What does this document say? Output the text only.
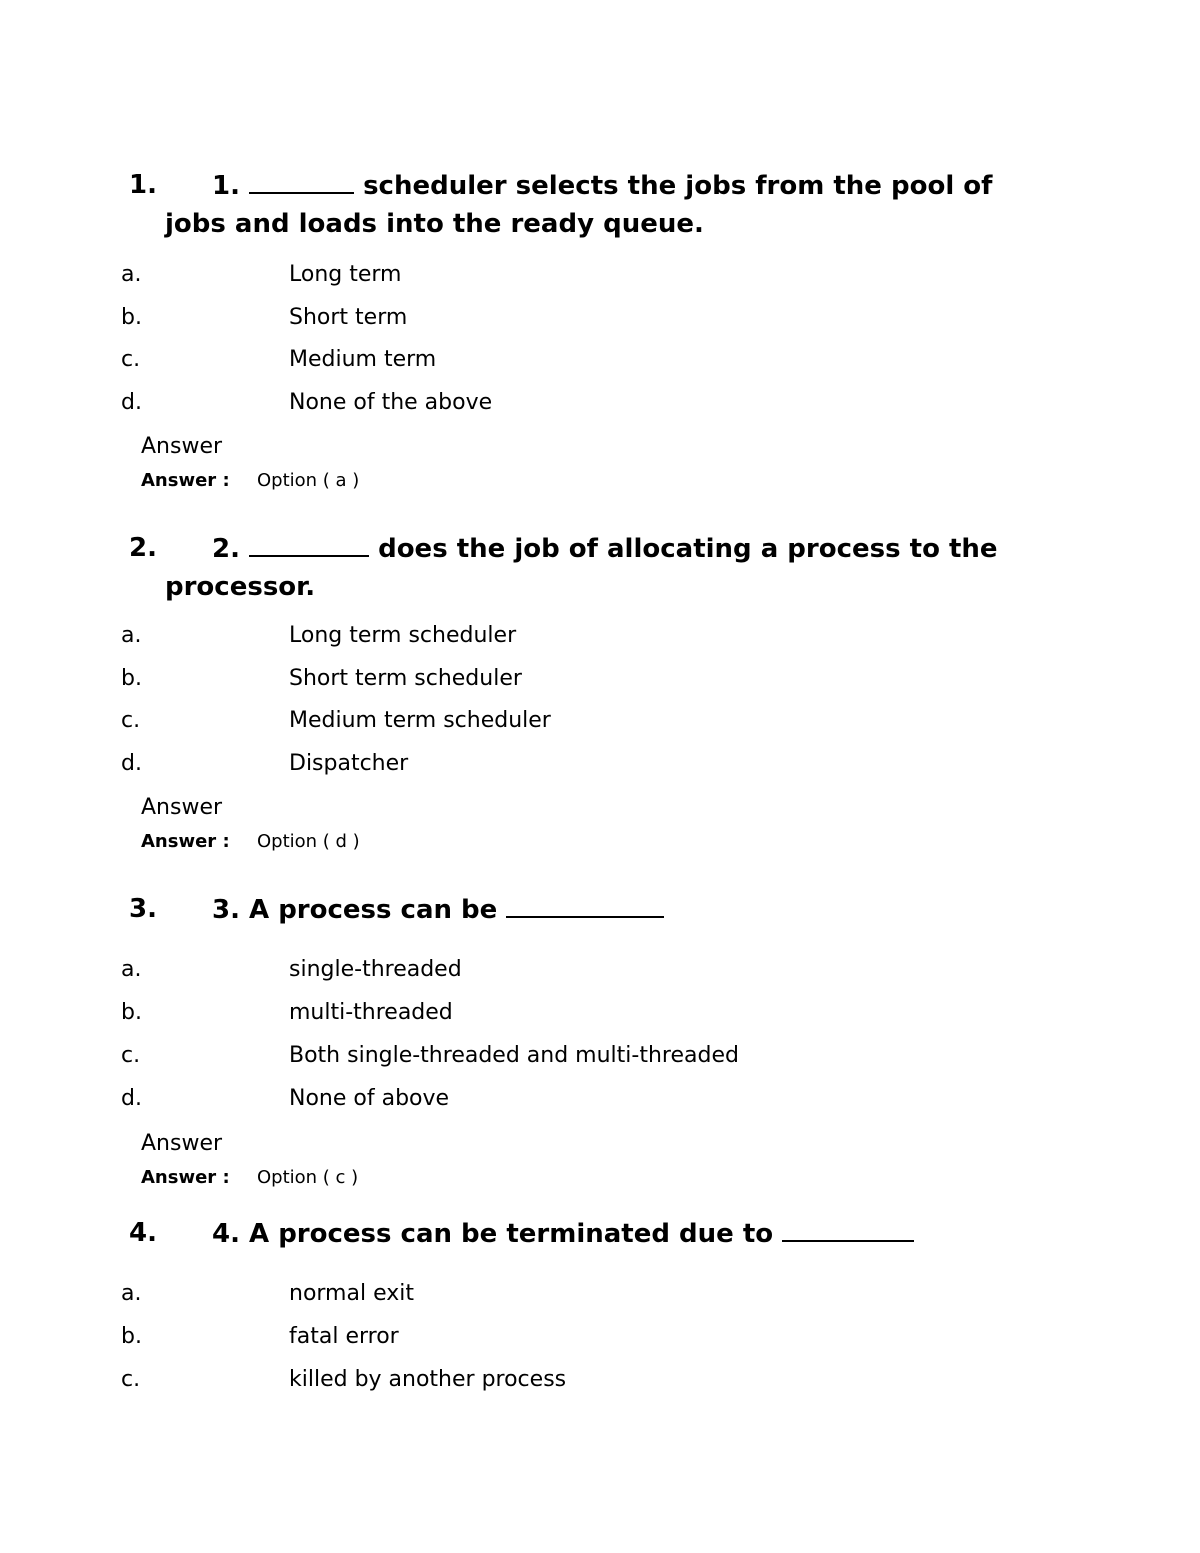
1.	1.	scheduler selects the jobs from the pool of jobs and loads into the ready queue.
a.	Long term
b.	Short term
c.	Medium term
d.	None of the above
Answer
Answer : Option ( a )
2.	2.	does the job of allocating a process to the processor.
a.	Long term scheduler
b.	Short term scheduler
c.	Medium term scheduler
d.	Dispatcher
Answer
Answer : Option ( d )
3.	3. A process can be
a.	single-threaded
b.	multi-threaded
c.	Both single-threaded and multi-threaded
d.	None of above
Answer
Answer : Option ( c )
4.	4. A process can be terminated due to
a.	normal exit
b.	fatal error
c.	killed by another process
